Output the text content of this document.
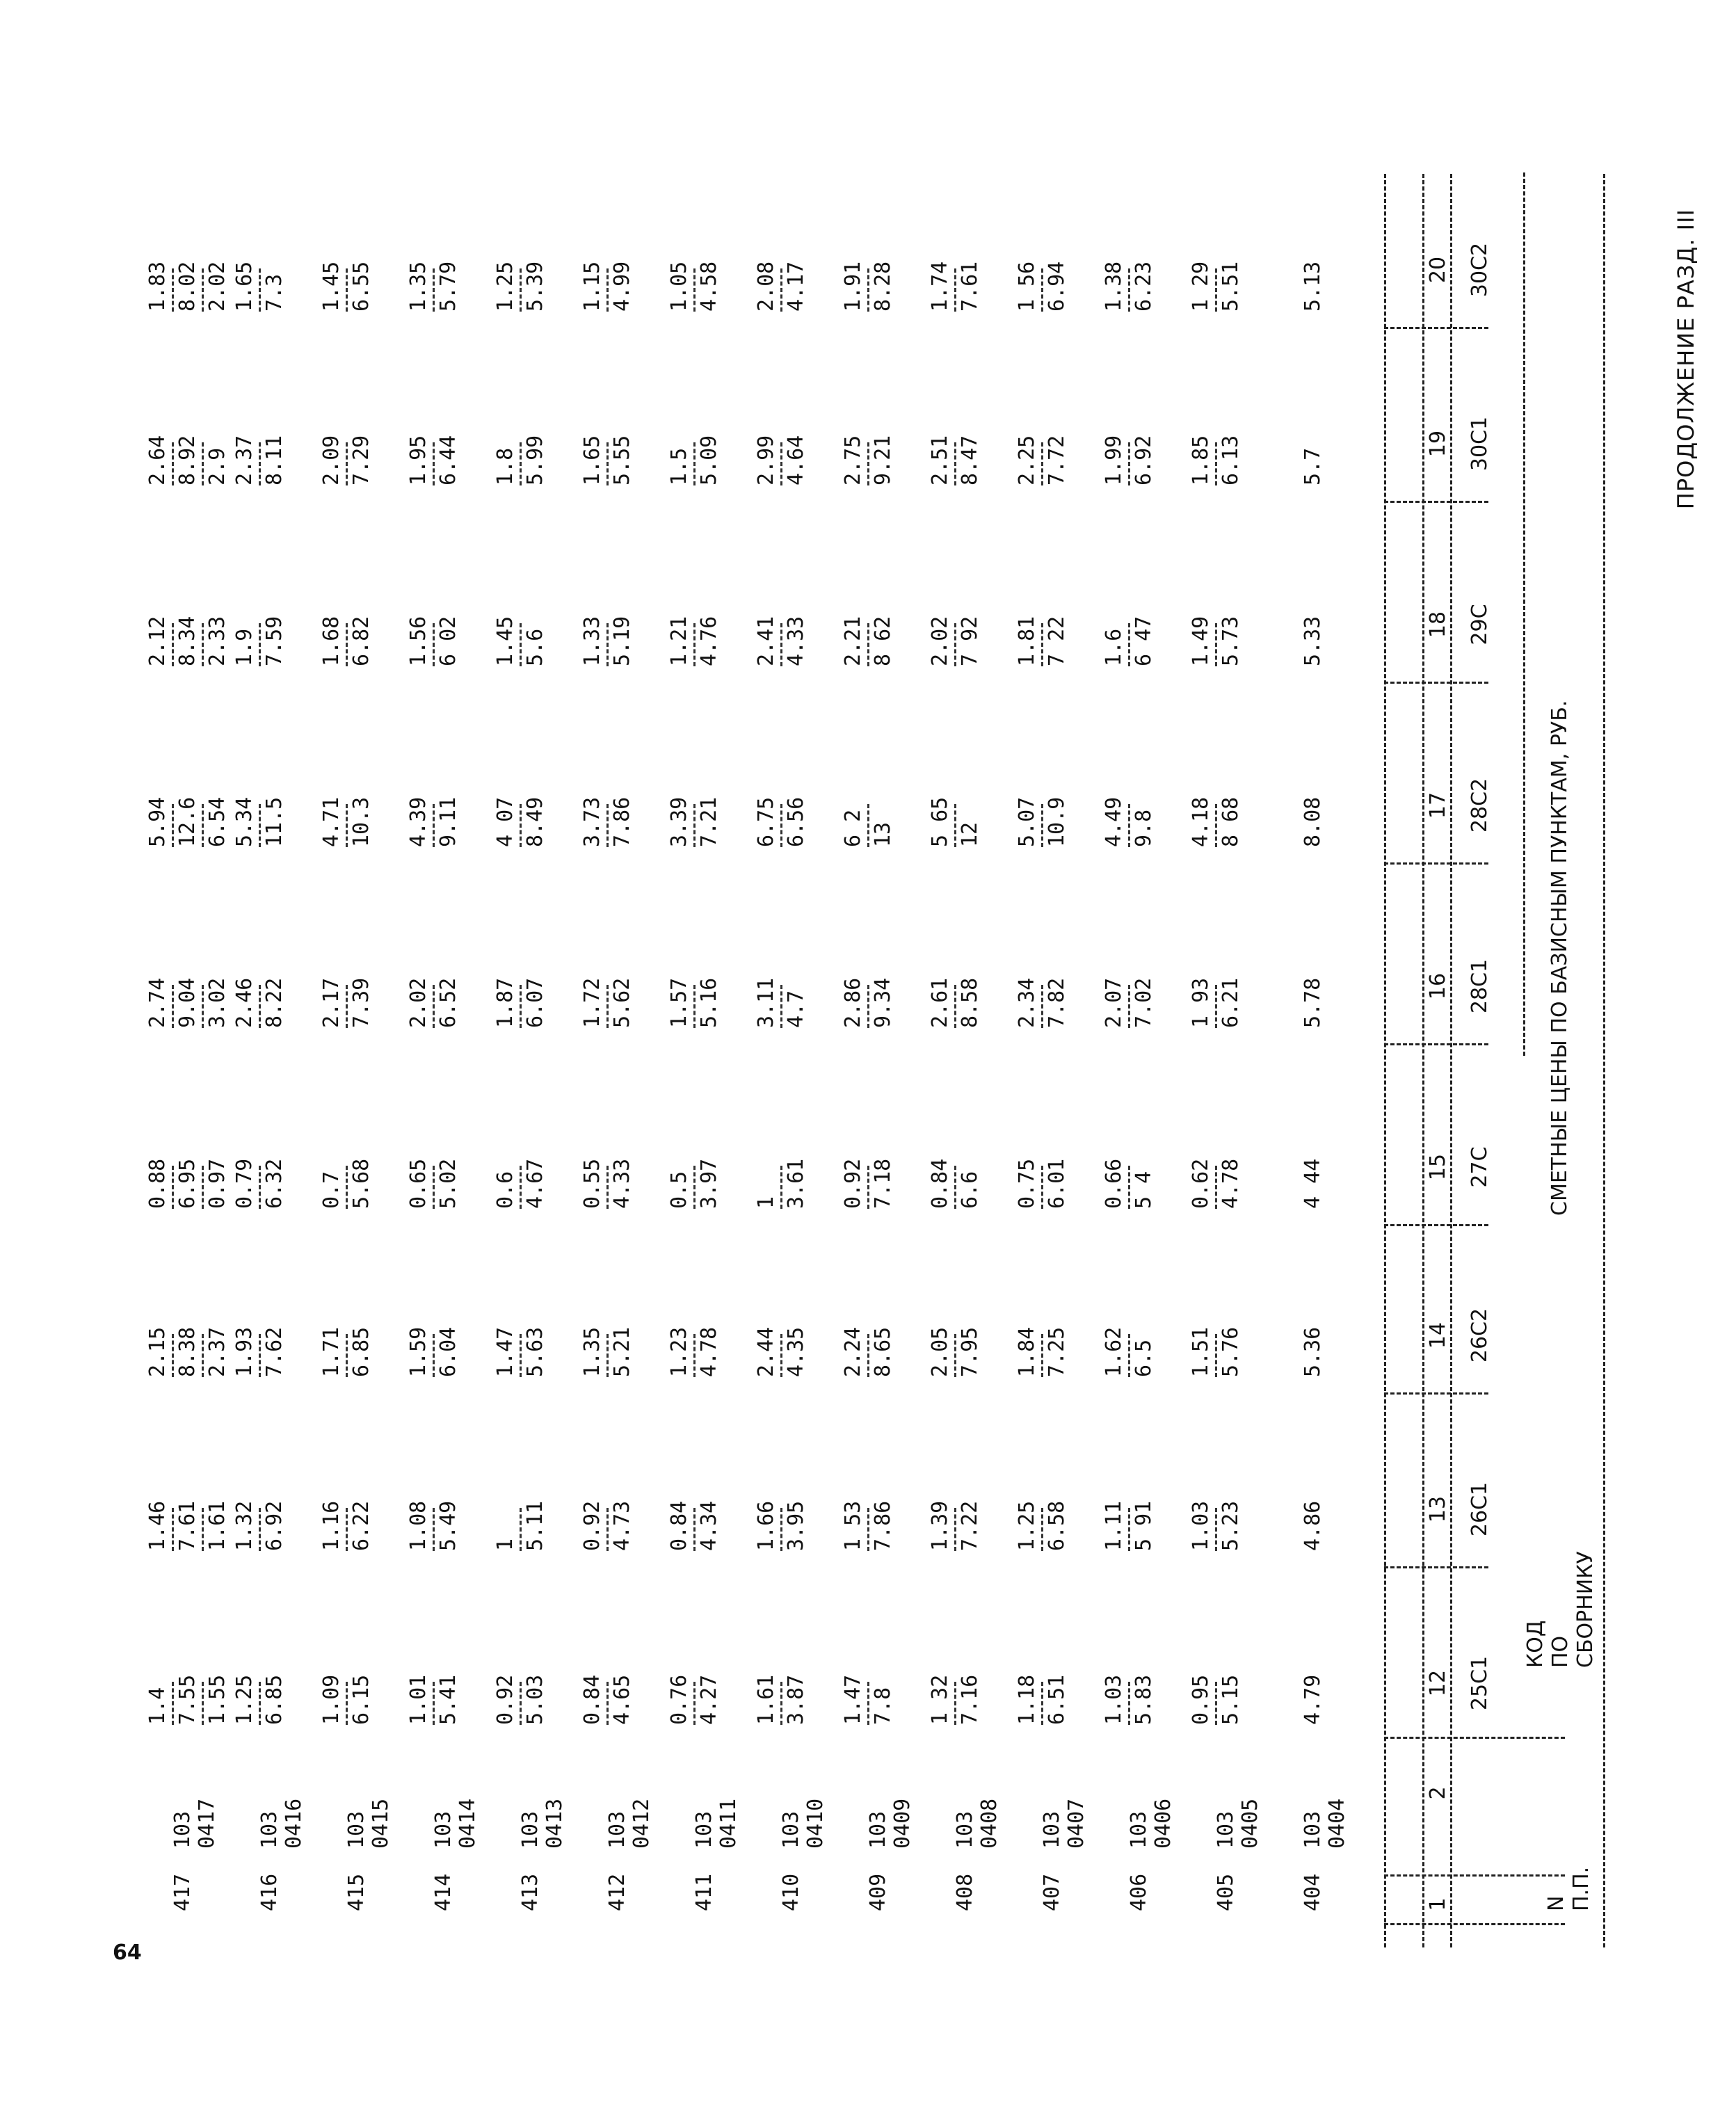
ПРОДОЛЖЕНИЕ РАЗД. III
СМЕТНЫЕ ЦЕНЫ ПО БАЗИСНЫМ ПУНКТАМ, РУБ.
N П.П.
КОД ПО СБОРНИКУ
25С1
26С1
26С2
27С
28С1
28С2
29С
30С1
30С2
1
2
12
13
14
15
16
17
18
19
20
404
103 0404
4.79
4.86
5.36
4 44
5.78
8.08
5.33
5.7
5.13
405
103 0405
0.95 5.15
1.03 5.23
1.51 5.76
0.62 4.78
1 93 6.21
4.18 8 68
1.49 5.73
1.85 6.13
1 29 5.51
406
103 0406
1.03 5.83
1.11 5 91
1.62 6.5
0.66 5 4
2.07 7.02
4.49 9.8
1.6 6 47
1.99 6.92
1.38 6.23
407
103 0407
1.18 6.51
1.25 6.58
1.84 7.25
0.75 6.01
2.34 7.82
5.07 10.9
1.81 7 22
2.25 7.72
1 56 6.94
408
103 0408
1 32 7.16
1.39 7.22
2.05 7.95
0.84 6.6
2.61 8.58
5 65 12
2.02 7 92
2.51 8.47
1.74 7.61
409
103 0409
1.47 7.8
1 53 7.86
2.24 8.65
0.92 7.18
2.86 9.34
6 2 13
2.21 8 62
2.75 9.21
1.91 8.28
410
103 0410
1.61 3.87
1.66 3.95
2.44 4.35
1 3.61
3.11 4.7
6.75 6.56
2.41 4.33
2.99 4.64
2.08 4.17
411
103 0411
0.76 4.27
0.84 4.34
1.23 4.78
0.5 3.97
1.57 5.16
3.39 7.21
1.21 4.76
1.5 5.09
1.05 4.58
412
103 0412
0.84 4.65
0.92 4.73
1.35 5.21
0.55 4.33
1.72 5.62
3.73 7.86
1.33 5.19
1.65 5.55
1.15 4.99
413
103 0413
0.92 5.03
1 5.11
1.47 5.63
0.6 4.67
1.87 6.07
4 07 8.49
1.45 5.6
1.8 5.99
1.25 5.39
414
103 0414
1.01 5.41
1.08 5.49
1.59 6.04
0.65 5.02
2.02 6.52
4.39 9.11
1.56 6 02
1.95 6.44
1.35 5.79
415
103 0415
1.09 6.15
1.16 6.22
1.71 6.85
0.7 5.68
2.17 7.39
4.71 10.3
1.68 6.82
2.09 7.29
1.45 6.55
416
103 0416
1.25 6.85
1.32 6.92
1.93 7.62
0.79 6.32
2.46 8.22
5.34 11.5
1.9 7.59
2.37 8.11
1.65 7.3
417
103 0417
1.4 7.55 1.55
1.46 7.61 1.61
2.15 8.38 2.37
0.88 6.95 0.97
2.74 9.04 3.02
5.94 12.6 6.54
2.12 8.34 2.33
2.64 8.92 2.9
1.83 8.02 2.02
64
